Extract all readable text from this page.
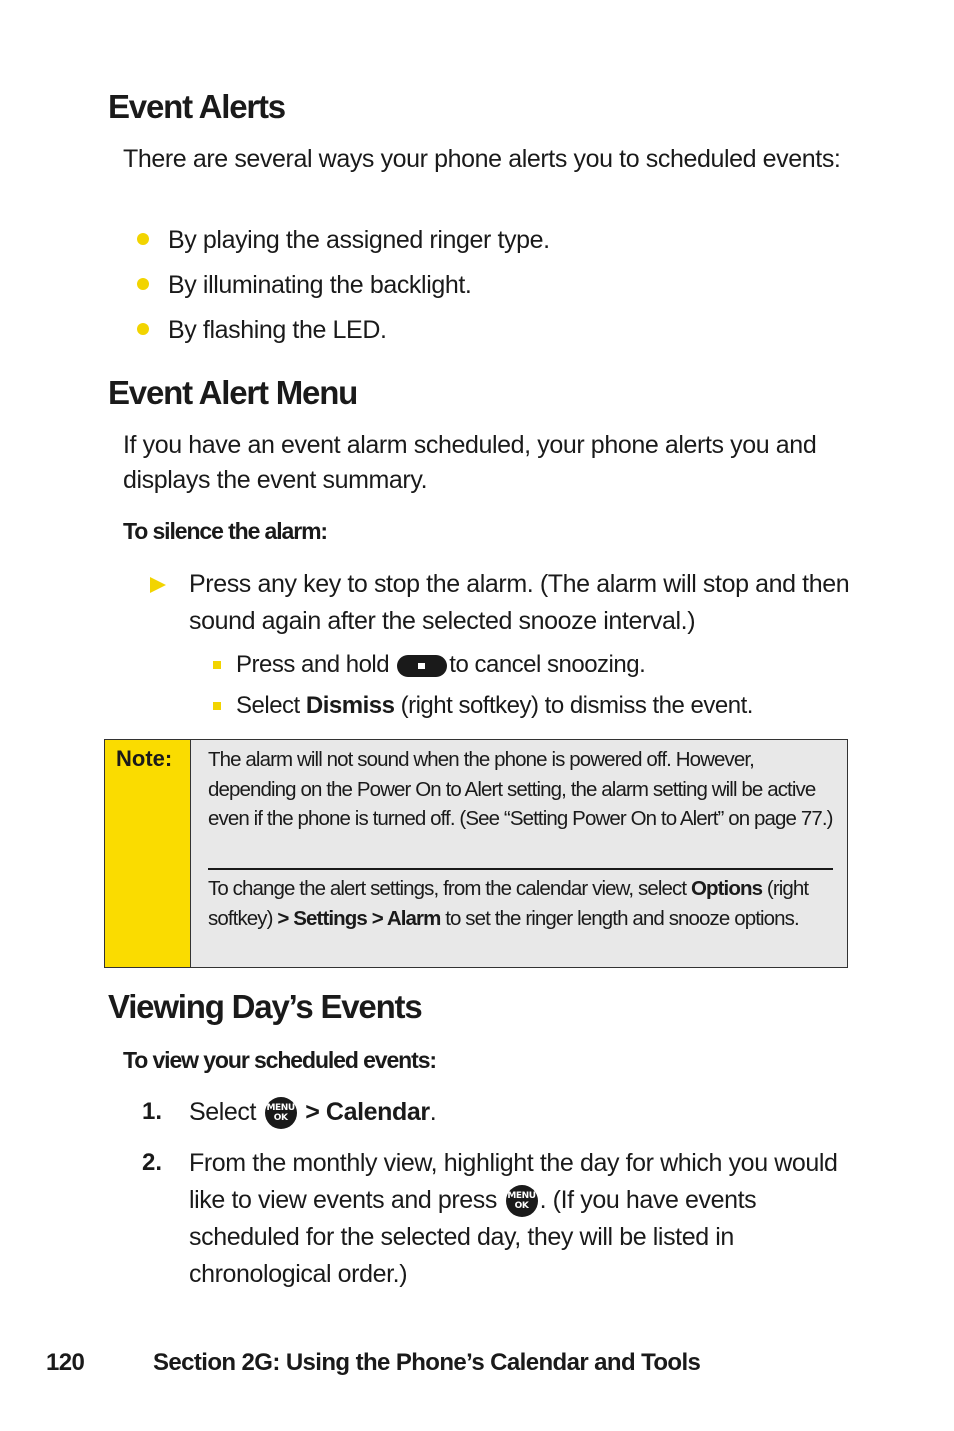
Event Alerts

There are several ways your phone alerts you to scheduled events:

By playing the assigned ringer type.
By illuminating the backlight.
By flashing the LED.
Event Alert Menu

If you have an event alarm scheduled, your phone alerts you and displays the event summary.

To silence the alarm:

Press any key to stop the alarm. (The alarm will stop and then sound again after the selected snooze interval.)
Press and hold	to cancel snoozing.
Select Dismiss (right softkey) to dismiss the event.
Note:	The alarm will not sound when the phone is powered off. However, depending on the Power On to Alert setting, the alarm setting will be active even if the phone is turned off. (See “Setting Power On to Alert” on page 77.)

To change the alert settings, from the calendar view, select Options (right softkey) > Settings > Alarm to set the ringer length and snooze options.

Viewing Day’s Events

To view your scheduled events:

1. Select MENU
OK > Calendar.
2. From the monthly view, highlight the day for which you would like to view events and press MENU
OK . (If you have events scheduled for the selected day, they will be listed in chronological order.)
120	Section 2G: Using the Phone’s Calendar and Tools
